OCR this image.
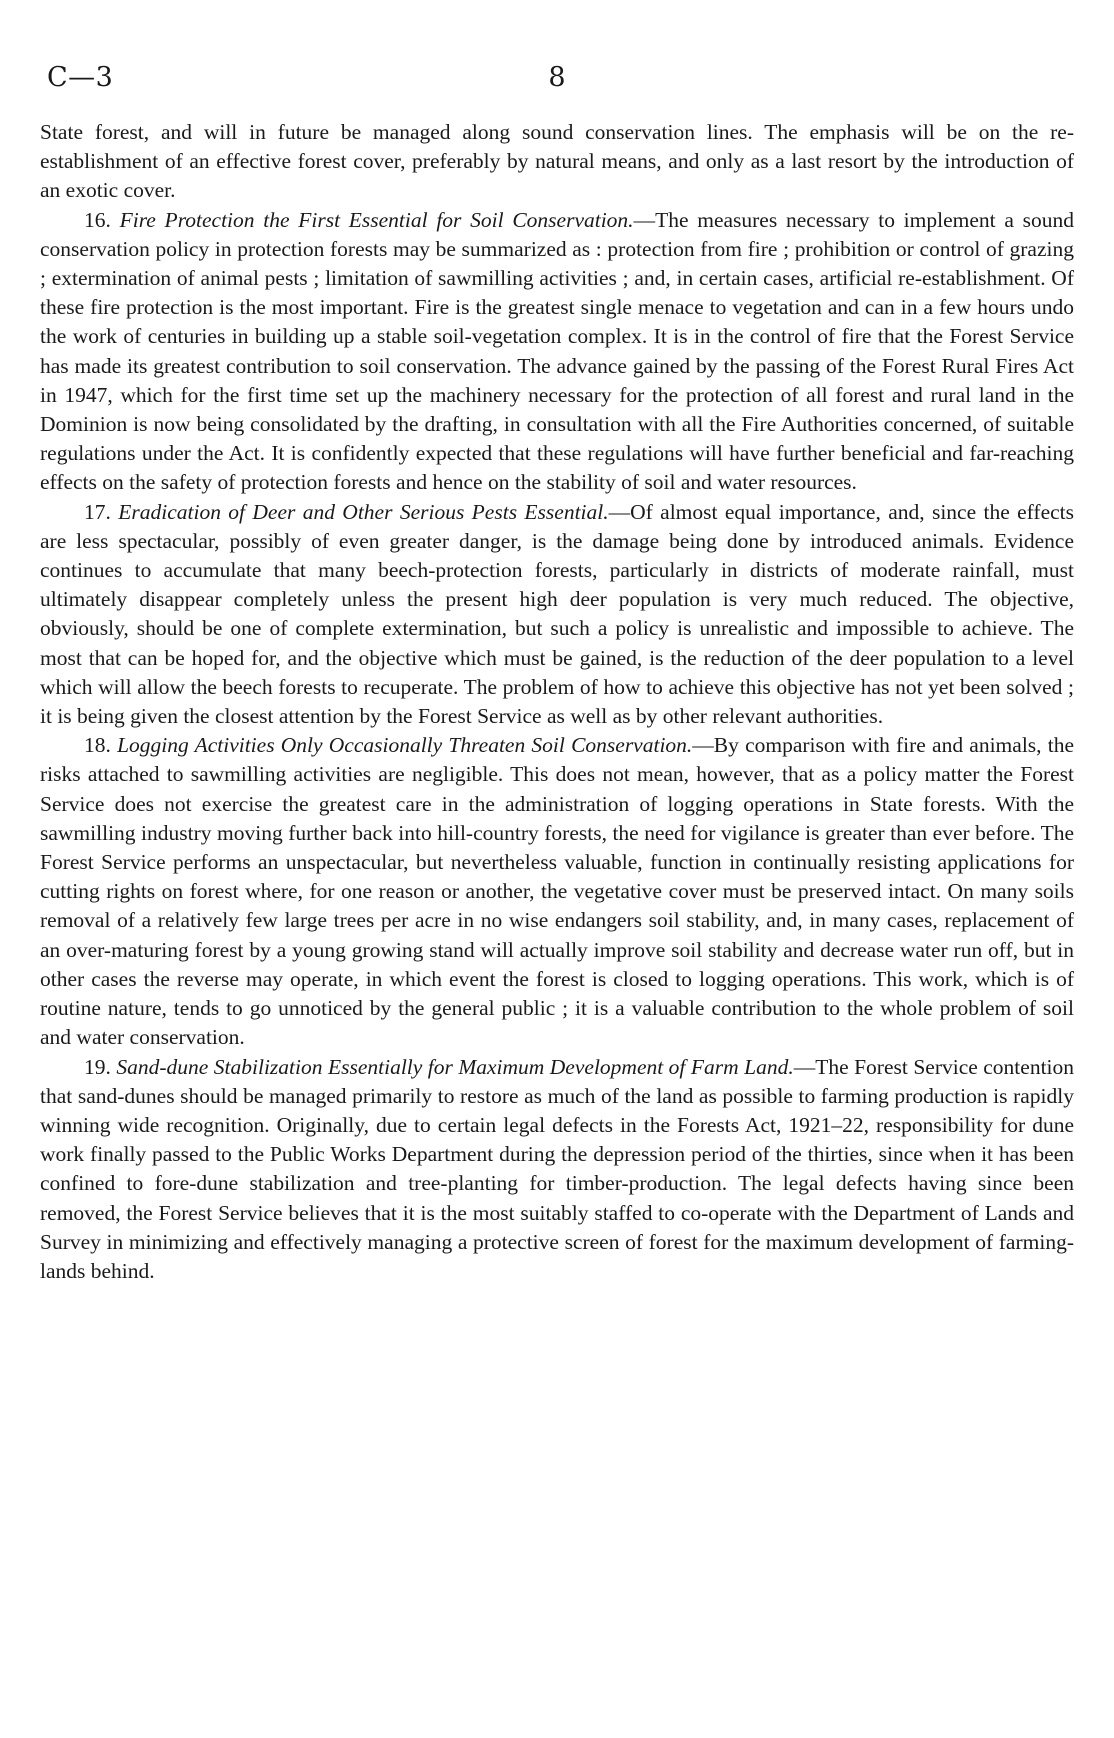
C—3	8

State forest, and will in future be managed along sound conservation lines. The emphasis will be on the re-establishment of an effective forest cover, preferably by natural means, and only as a last resort by the introduction of an exotic cover.

16. Fire Protection the First Essential for Soil Conservation.—The measures necessary to implement a sound conservation policy in protection forests may be summarized as : protection from fire ; prohibition or control of grazing ; extermination of animal pests ; limitation of sawmilling activities ; and, in certain cases, artificial re-establishment. Of these fire protection is the most important. Fire is the greatest single menace to vegetation and can in a few hours undo the work of centuries in building up a stable soil-vegetation complex. It is in the control of fire that the Forest Service has made its greatest contribution to soil conservation. The advance gained by the passing of the Forest Rural Fires Act in 1947, which for the first time set up the machinery necessary for the protection of all forest and rural land in the Dominion is now being consolidated by the drafting, in consultation with all the Fire Authorities concerned, of suitable regulations under the Act. It is confidently expected that these regulations will have further beneficial and far-reaching effects on the safety of protection forests and hence on the stability of soil and water resources.

17. Eradication of Deer and Other Serious Pests Essential.—Of almost equal importance, and, since the effects are less spectacular, possibly of even greater danger, is the damage being done by introduced animals. Evidence continues to accumulate that many beech-protection forests, particularly in districts of moderate rainfall, must ultimately disappear completely unless the present high deer population is very much reduced. The objective, obviously, should be one of complete extermination, but such a policy is unrealistic and impossible to achieve. The most that can be hoped for, and the objective which must be gained, is the reduction of the deer population to a level which will allow the beech forests to recuperate. The problem of how to achieve this objective has not yet been solved ; it is being given the closest attention by the Forest Service as well as by other relevant authorities.

18. Logging Activities Only Occasionally Threaten Soil Conservation.—By comparison with fire and animals, the risks attached to sawmilling activities are negligible. This does not mean, however, that as a policy matter the Forest Service does not exercise the greatest care in the administration of logging operations in State forests. With the sawmilling industry moving further back into hill-country forests, the need for vigilance is greater than ever before. The Forest Service performs an unspectacular, but nevertheless valuable, function in continually resisting applications for cutting rights on forest where, for one reason or another, the vegetative cover must be preserved intact. On many soils removal of a relatively few large trees per acre in no wise endangers soil stability, and, in many cases, replacement of an over-maturing forest by a young growing stand will actually improve soil stability and decrease water run off, but in other cases the reverse may operate, in which event the forest is closed to logging operations. This work, which is of routine nature, tends to go unnoticed by the general public ; it is a valuable contribution to the whole problem of soil and water conservation.

19. Sand-dune Stabilization Essentially for Maximum Development of Farm Land.—The Forest Service contention that sand-dunes should be managed primarily to restore as much of the land as possible to farming production is rapidly winning wide recognition. Originally, due to certain legal defects in the Forests Act, 1921–22, responsibility for dune work finally passed to the Public Works Department during the depression period of the thirties, since when it has been confined to fore-dune stabilization and tree-planting for timber-production. The legal defects having since been removed, the Forest Service believes that it is the most suitably staffed to co-operate with the Department of Lands and Survey in minimizing and effectively managing a protective screen of forest for the maximum development of farming-lands behind.
